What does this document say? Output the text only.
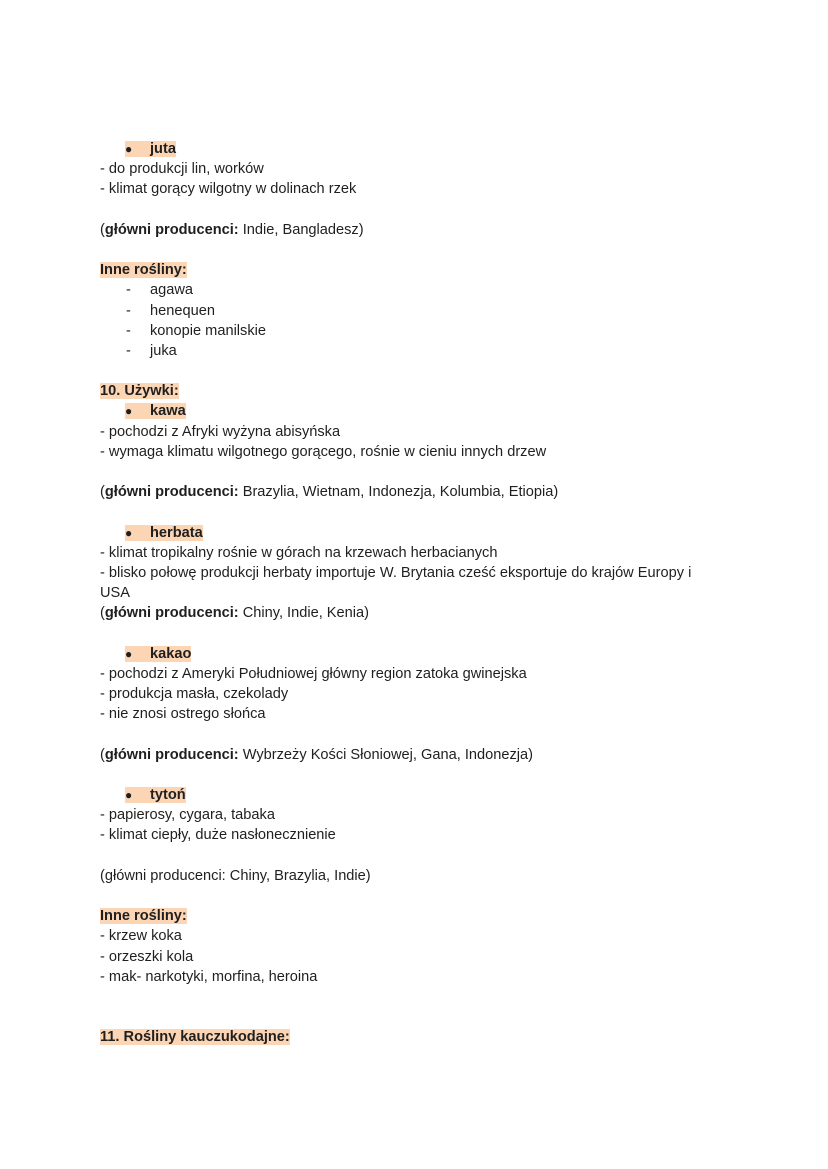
● juta
- do produkcji lin, worków
- klimat gorący wilgotny w dolinach rzek
(główni producenci: Indie, Bangladesz)
Inne rośliny:
- agawa
- henequen
- konopie manilskie
- juka
10. Używki:
● kawa
- pochodzi z Afryki wyżyna abisyńska
- wymaga klimatu wilgotnego gorącego, rośnie w cieniu innych drzew
(główni producenci: Brazylia, Wietnam, Indonezja, Kolumbia, Etiopia)
● herbata
- klimat tropikalny rośnie w górach na krzewach herbacianych
- blisko połowę produkcji herbaty importuje W. Brytania cześć eksportuje do krajów Europy i
USA
(główni producenci: Chiny, Indie, Kenia)
● kakao
- pochodzi z Ameryki Południowej główny region zatoka gwinejska
- produkcja masła, czekolady
- nie znosi ostrego słońca
(główni producenci: Wybrzeży Kości Słoniowej, Gana, Indonezja)
● tytoń
- papierosy, cygara, tabaka
- klimat ciepły, duże nasłonecznienie
(główni producenci: Chiny, Brazylia, Indie)
Inne rośliny:
- krzew koka
- orzeszki kola
- mak- narkotyki, morfina, heroina
11. Rośliny kauczukodajne:
